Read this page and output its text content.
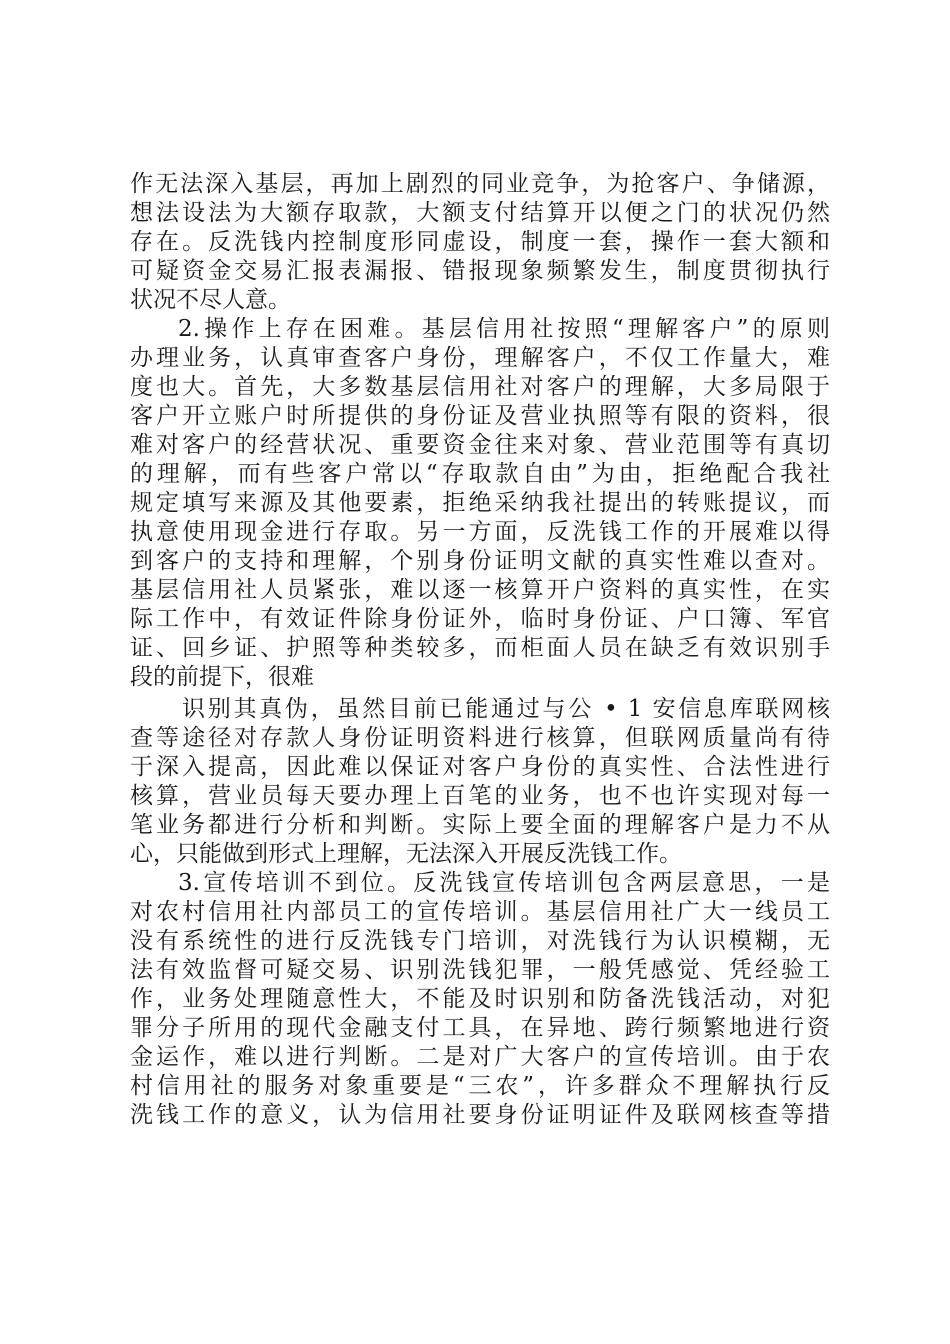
作无法深入基层，再加上剧烈的同业竞争，为抢客户、争储源，
想法设法为大额存取款，大额支付结算开以便之门的状况仍然
存在。反洗钱内控制度形同虚设，制度一套，操作一套大额和
可疑资金交易汇报表漏报、错报现象频繁发生，制度贯彻执行
状况不尽人意。
2.操作上存在困难。基层信用社按照“理解客户”的原则
办理业务，认真审查客户身份，理解客户，不仅工作量大，难
度也大。首先，大多数基层信用社对客户的理解，大多局限于
客户开立账户时所提供的身份证及营业执照等有限的资料，很
难对客户的经营状况、重要资金往来对象、营业范围等有真切
的理解，而有些客户常以“存取款自由”为由，拒绝配合我社
规定填写来源及其他要素，拒绝采纳我社提出的转账提议，而
执意使用现金进行存取。另一方面，反洗钱工作的开展难以得
到客户的支持和理解，个别身份证明文献的真实性难以查对。
基层信用社人员紧张，难以逐一核算开户资料的真实性，在实
际工作中，有效证件除身份证外，临时身份证、户口簿、军官
证、回乡证、护照等种类较多，而柜面人员在缺乏有效识别手
段的前提下，很难
识别其真伪，虽然目前已能通过与公 • 1 安信息库联网核
查等途径对存款人身份证明资料进行核算，但联网质量尚有待
于深入提高，因此难以保证对客户身份的真实性、合法性进行
核算，营业员每天要办理上百笔的业务，也不也许实现对每一
笔业务都进行分析和判断。实际上要全面的理解客户是力不从
心，只能做到形式上理解，无法深入开展反洗钱工作。
3.宣传培训不到位。反洗钱宣传培训包含两层意思，一是
对农村信用社内部员工的宣传培训。基层信用社广大一线员工
没有系统性的进行反洗钱专门培训，对洗钱行为认识模糊，无
法有效监督可疑交易、识别洗钱犯罪，一般凭感觉、凭经验工
作，业务处理随意性大，不能及时识别和防备洗钱活动，对犯
罪分子所用的现代金融支付工具，在异地、跨行频繁地进行资
金运作，难以进行判断。二是对广大客户的宣传培训。由于农
村信用社的服务对象重要是“三农”，许多群众不理解执行反
洗钱工作的意义，认为信用社要身份证明证件及联网核查等措
